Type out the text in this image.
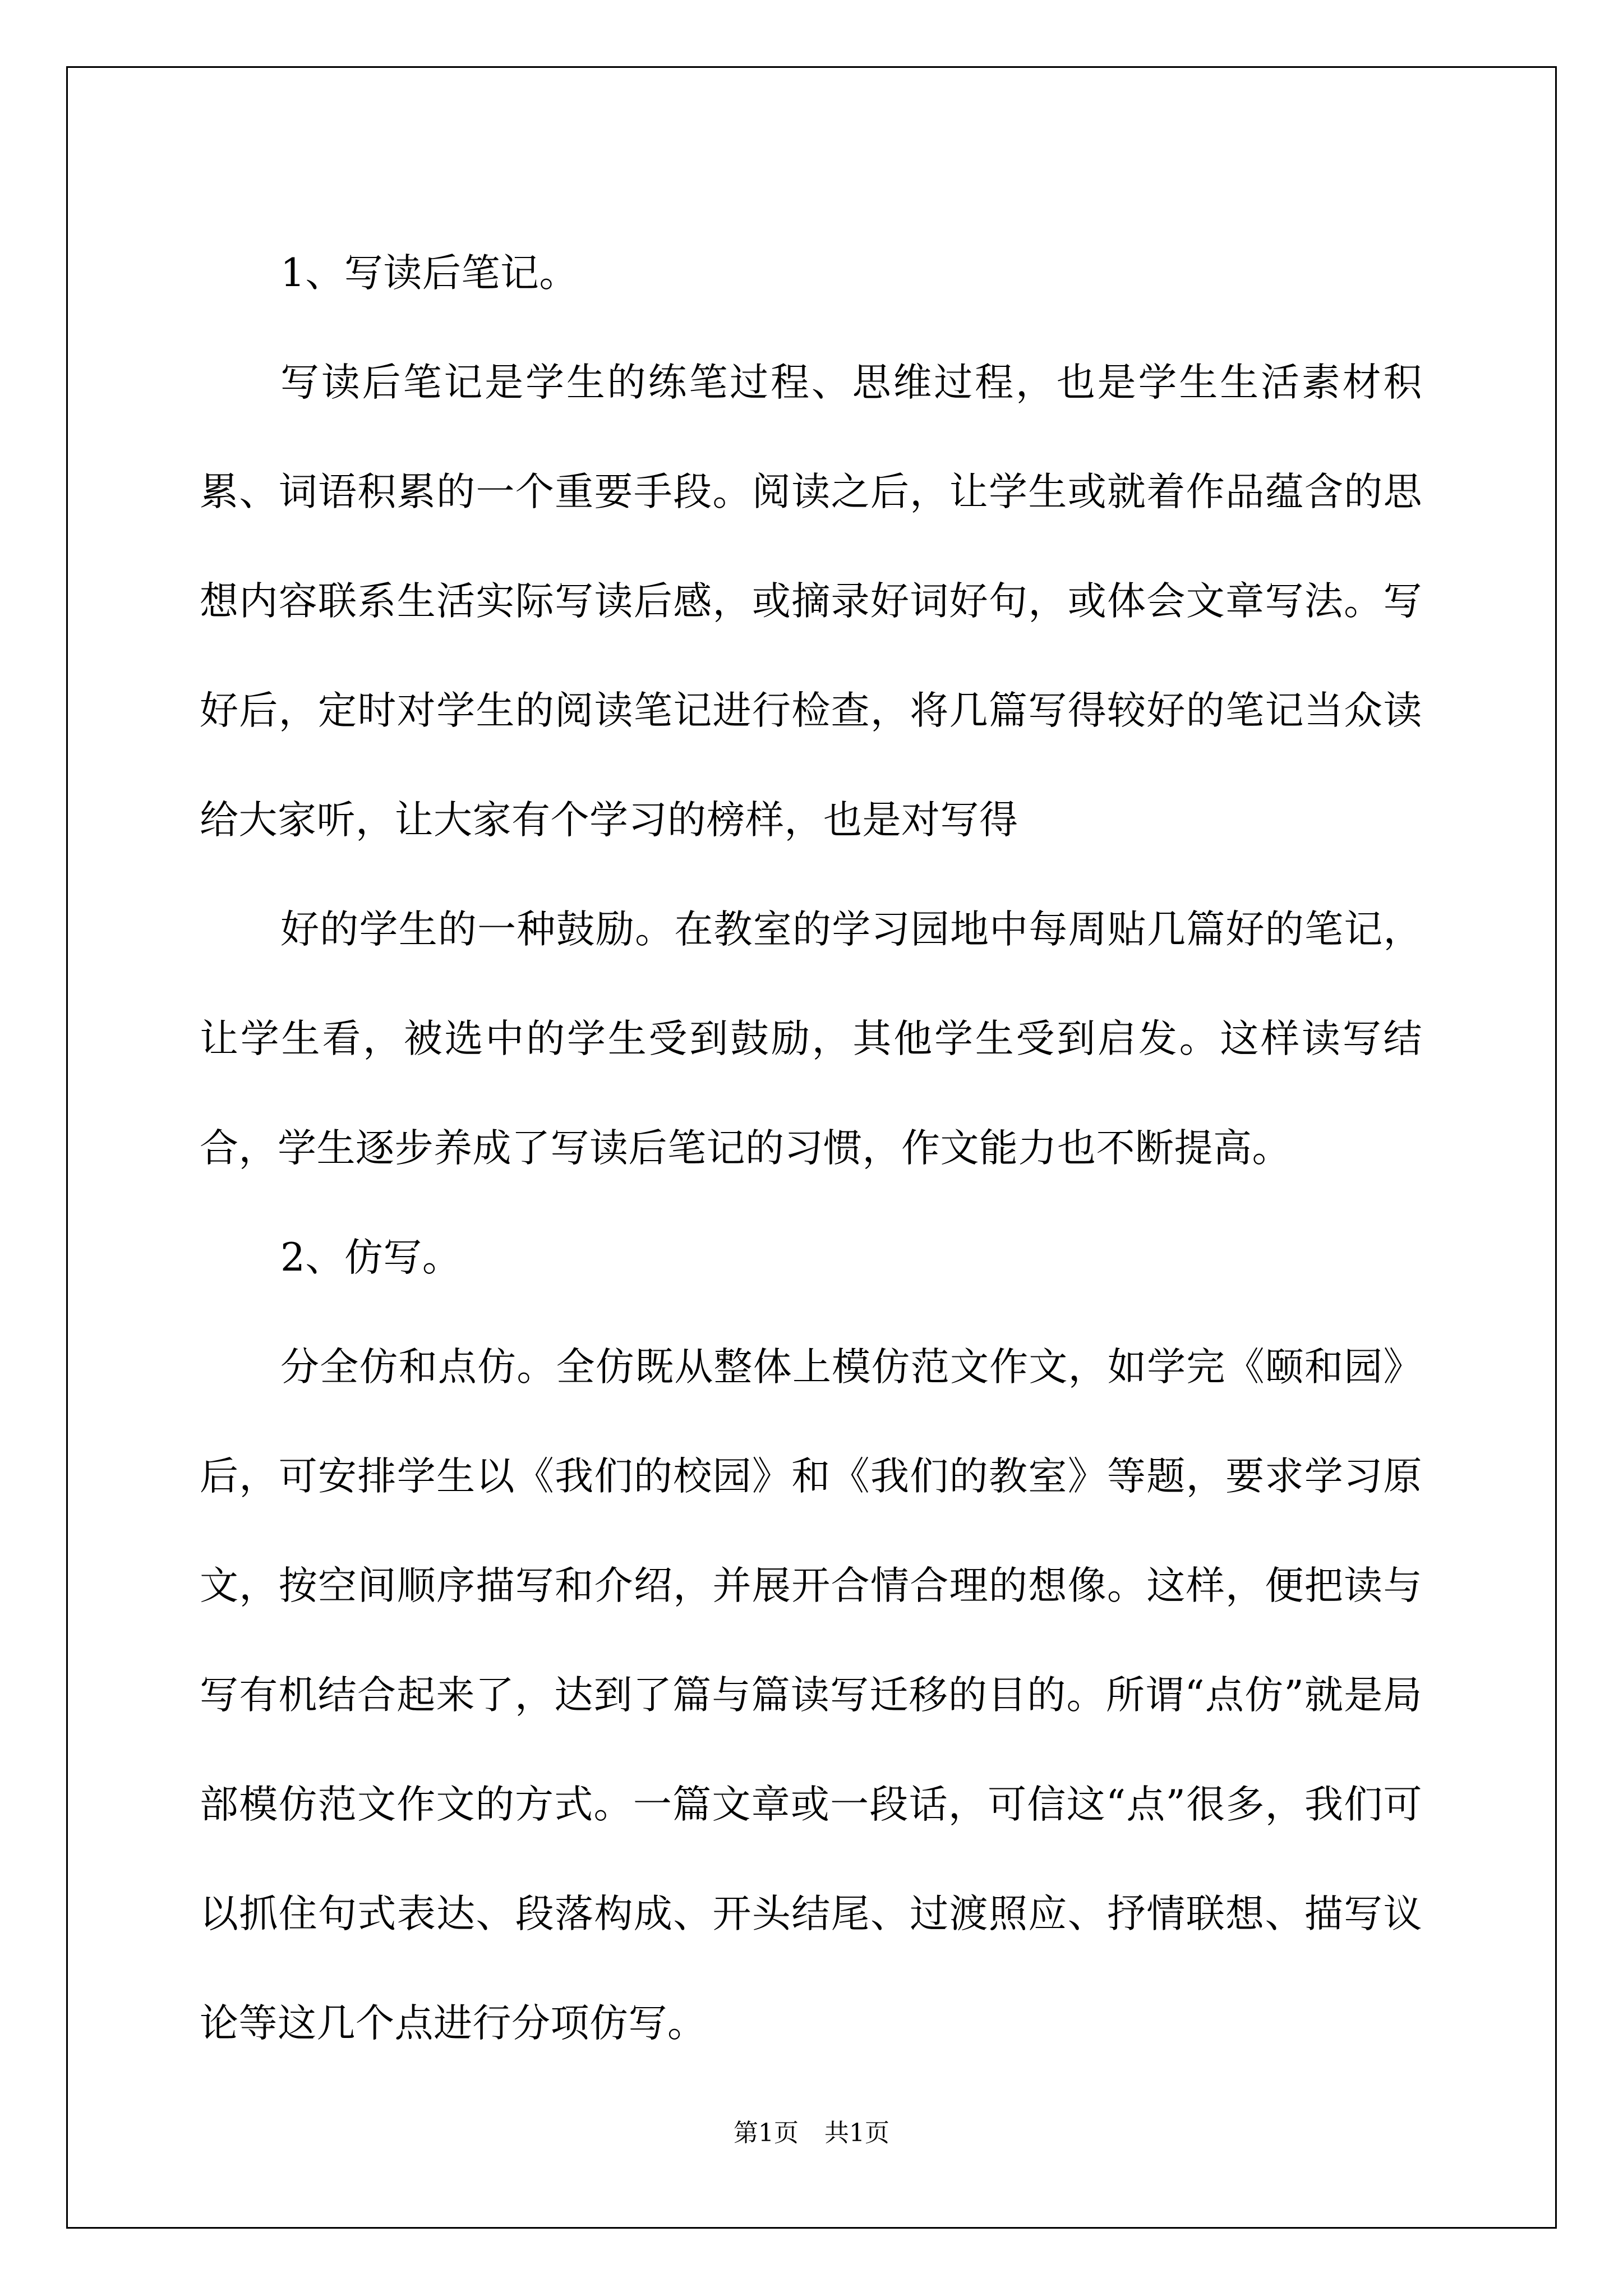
1、写读后笔记。

写读后笔记是学生的练笔过程、思维过程，也是学生生活素材积累、词语积累的一个重要手段。阅读之后，让学生或就着作品蕴含的思想内容联系生活实际写读后感，或摘录好词好句，或体会文章写法。写好后，定时对学生的阅读笔记进行检查，将几篇写得较好的笔记当众读给大家听，让大家有个学习的榜样，也是对写得

好的学生的一种鼓励。在教室的学习园地中每周贴几篇好的笔记，让学生看，被选中的学生受到鼓励，其他学生受到启发。这样读写结合，学生逐步养成了写读后笔记的习惯，作文能力也不断提高。

2、仿写。

分全仿和点仿。全仿既从整体上模仿范文作文，如学完《颐和园》后，可安排学生以《我们的校园》和《我们的教室》等题，要求学习原文，按空间顺序描写和介绍，并展开合情合理的想像。这样，便把读与写有机结合起来了，达到了篇与篇读写迁移的目的。所谓“点仿”就是局部模仿范文作文的方式。一篇文章或一段话，可信这“点”很多，我们可以抓住句式表达、段落构成、开头结尾、过渡照应、抒情联想、描写议论等这几个点进行分项仿写。

第1页 共1页
